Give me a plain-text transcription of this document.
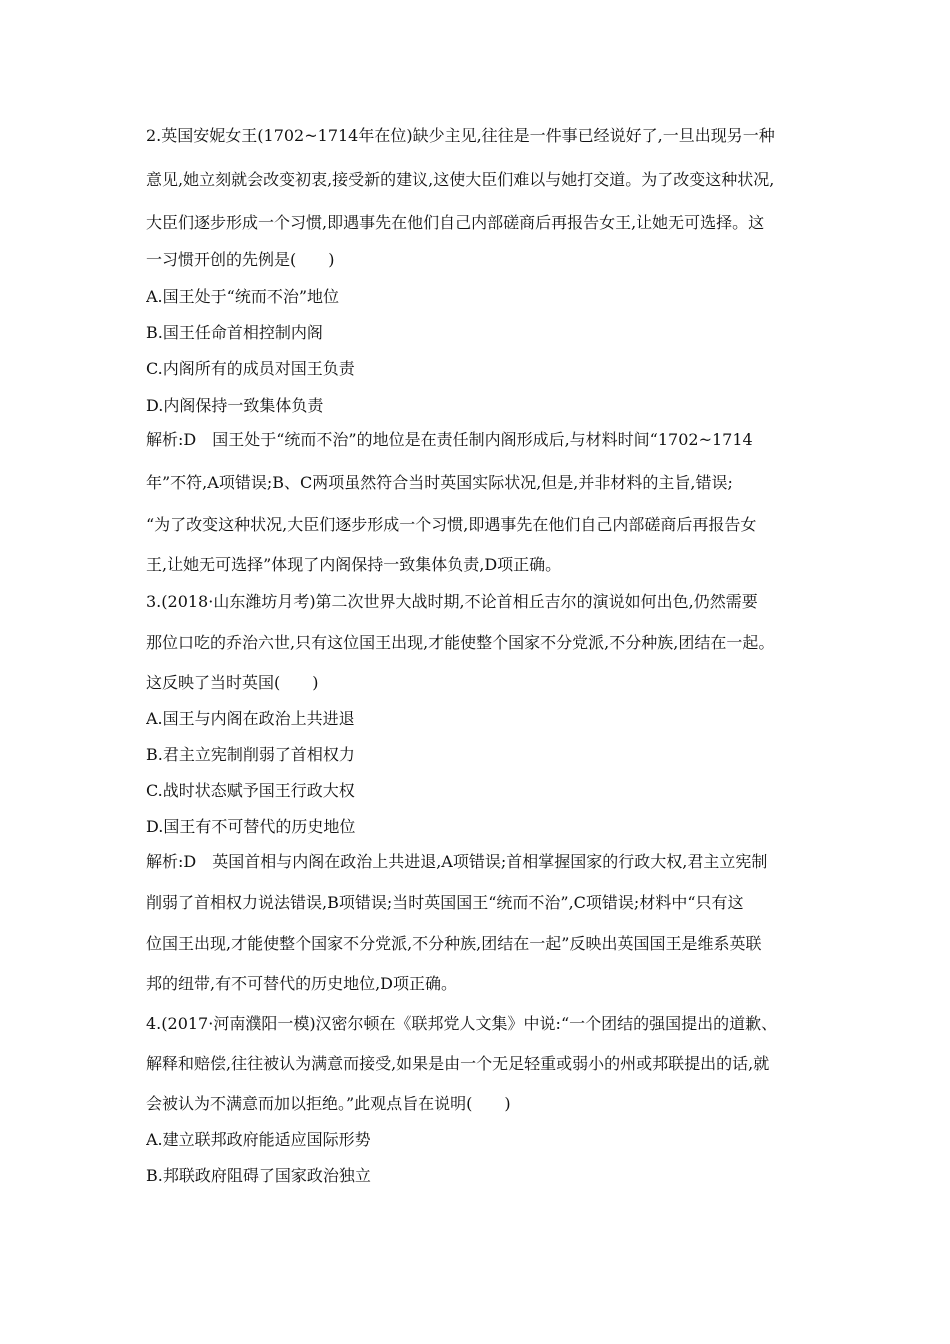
2.英国安妮女王(1702~1714年在位)缺少主见,往往是一件事已经说好了,一旦出现另一种
意见,她立刻就会改变初衷,接受新的建议,这使大臣们难以与她打交道。为了改变这种状况,
大臣们逐步形成一个习惯,即遇事先在他们自己内部磋商后再报告女王,让她无可选择。这
一习惯开创的先例是(　　)
A.国王处于“统而不治”地位
B.国王任命首相控制内阁
C.内阁所有的成员对国王负责
D.内阁保持一致集体负责
解析:D　国王处于“统而不治”的地位是在责任制内阁形成后,与材料时间“1702~1714
年”不符,A项错误;B、C两项虽然符合当时英国实际状况,但是,并非材料的主旨,错误;
“为了改变这种状况,大臣们逐步形成一个习惯,即遇事先在他们自己内部磋商后再报告女
王,让她无可选择”体现了内阁保持一致集体负责,D项正确。
3.(2018·山东潍坊月考)第二次世界大战时期,不论首相丘吉尔的演说如何出色,仍然需要
那位口吃的乔治六世,只有这位国王出现,才能使整个国家不分党派,不分种族,团结在一起。
这反映了当时英国(　　)
A.国王与内阁在政治上共进退
B.君主立宪制削弱了首相权力
C.战时状态赋予国王行政大权
D.国王有不可替代的历史地位
解析:D　英国首相与内阁在政治上共进退,A项错误;首相掌握国家的行政大权,君主立宪制
削弱了首相权力说法错误,B项错误;当时英国国王“统而不治”,C项错误;材料中“只有这
位国王出现,才能使整个国家不分党派,不分种族,团结在一起”反映出英国国王是维系英联
邦的纽带,有不可替代的历史地位,D项正确。
4.(2017·河南濮阳一模)汉密尔顿在《联邦党人文集》中说:“一个团结的强国提出的道歉、
解释和赔偿,往往被认为满意而接受,如果是由一个无足轻重或弱小的州或邦联提出的话,就
会被认为不满意而加以拒绝。”此观点旨在说明(　　)
A.建立联邦政府能适应国际形势
B.邦联政府阻碍了国家政治独立
